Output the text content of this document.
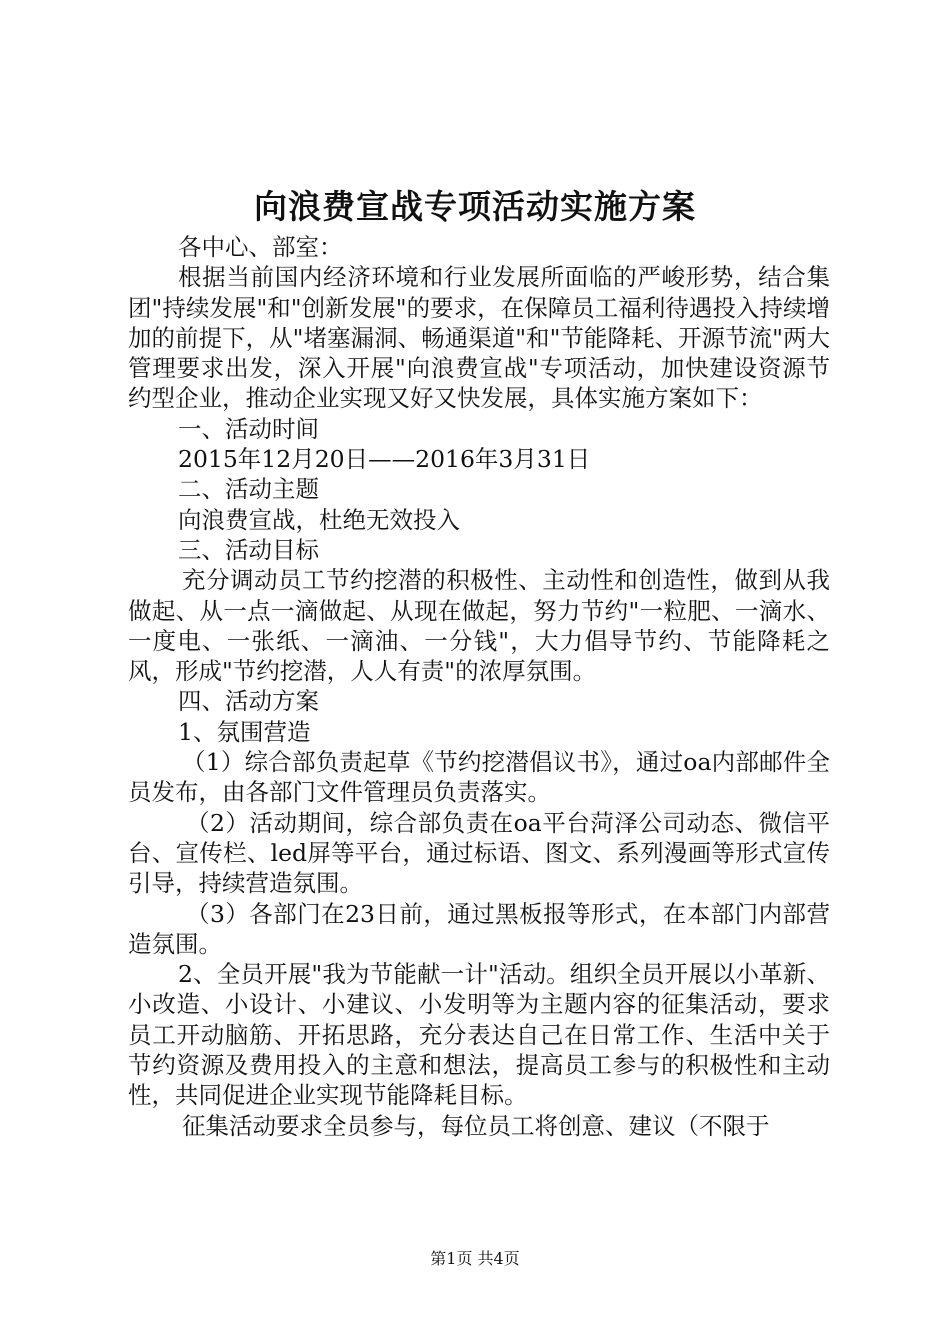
向浪费宣战专项活动实施方案

各中心、部室：

根据当前国内经济环境和行业发展所面临的严峻形势，结合集团"持续发展"和"创新发展"的要求，在保障员工福利待遇投入持续增加的前提下，从"堵塞漏洞、畅通渠道"和"节能降耗、开源节流"两大管理要求出发，深入开展"向浪费宣战"专项活动，加快建设资源节约型企业，推动企业实现又好又快发展，具体实施方案如下：

一、活动时间

2015年12月20日——2016年3月31日

二、活动主题

向浪费宣战，杜绝无效投入

三、活动目标

充分调动员工节约挖潜的积极性、主动性和创造性，做到从我做起、从一点一滴做起、从现在做起，努力节约"一粒肥、一滴水、一度电、一张纸、一滴油、一分钱"，大力倡导节约、节能降耗之风，形成"节约挖潜，人人有责"的浓厚氛围。

四、活动方案

1、氛围营造

（1）综合部负责起草《节约挖潜倡议书》，通过oa内部邮件全员发布，由各部门文件管理员负责落实。

（2）活动期间，综合部负责在oa平台菏泽公司动态、微信平台、宣传栏、led屏等平台，通过标语、图文、系列漫画等形式宣传引导，持续营造氛围。

（3）各部门在23日前，通过黑板报等形式，在本部门内部营造氛围。

2、全员开展"我为节能献一计"活动。组织全员开展以小革新、小改造、小设计、小建议、小发明等为主题内容的征集活动，要求员工开动脑筋、开拓思路，充分表达自己在日常工作、生活中关于节约资源及费用投入的主意和想法，提高员工参与的积极性和主动性，共同促进企业实现节能降耗目标。

征集活动要求全员参与，每位员工将创意、建议（不限于

第1页 共4页
